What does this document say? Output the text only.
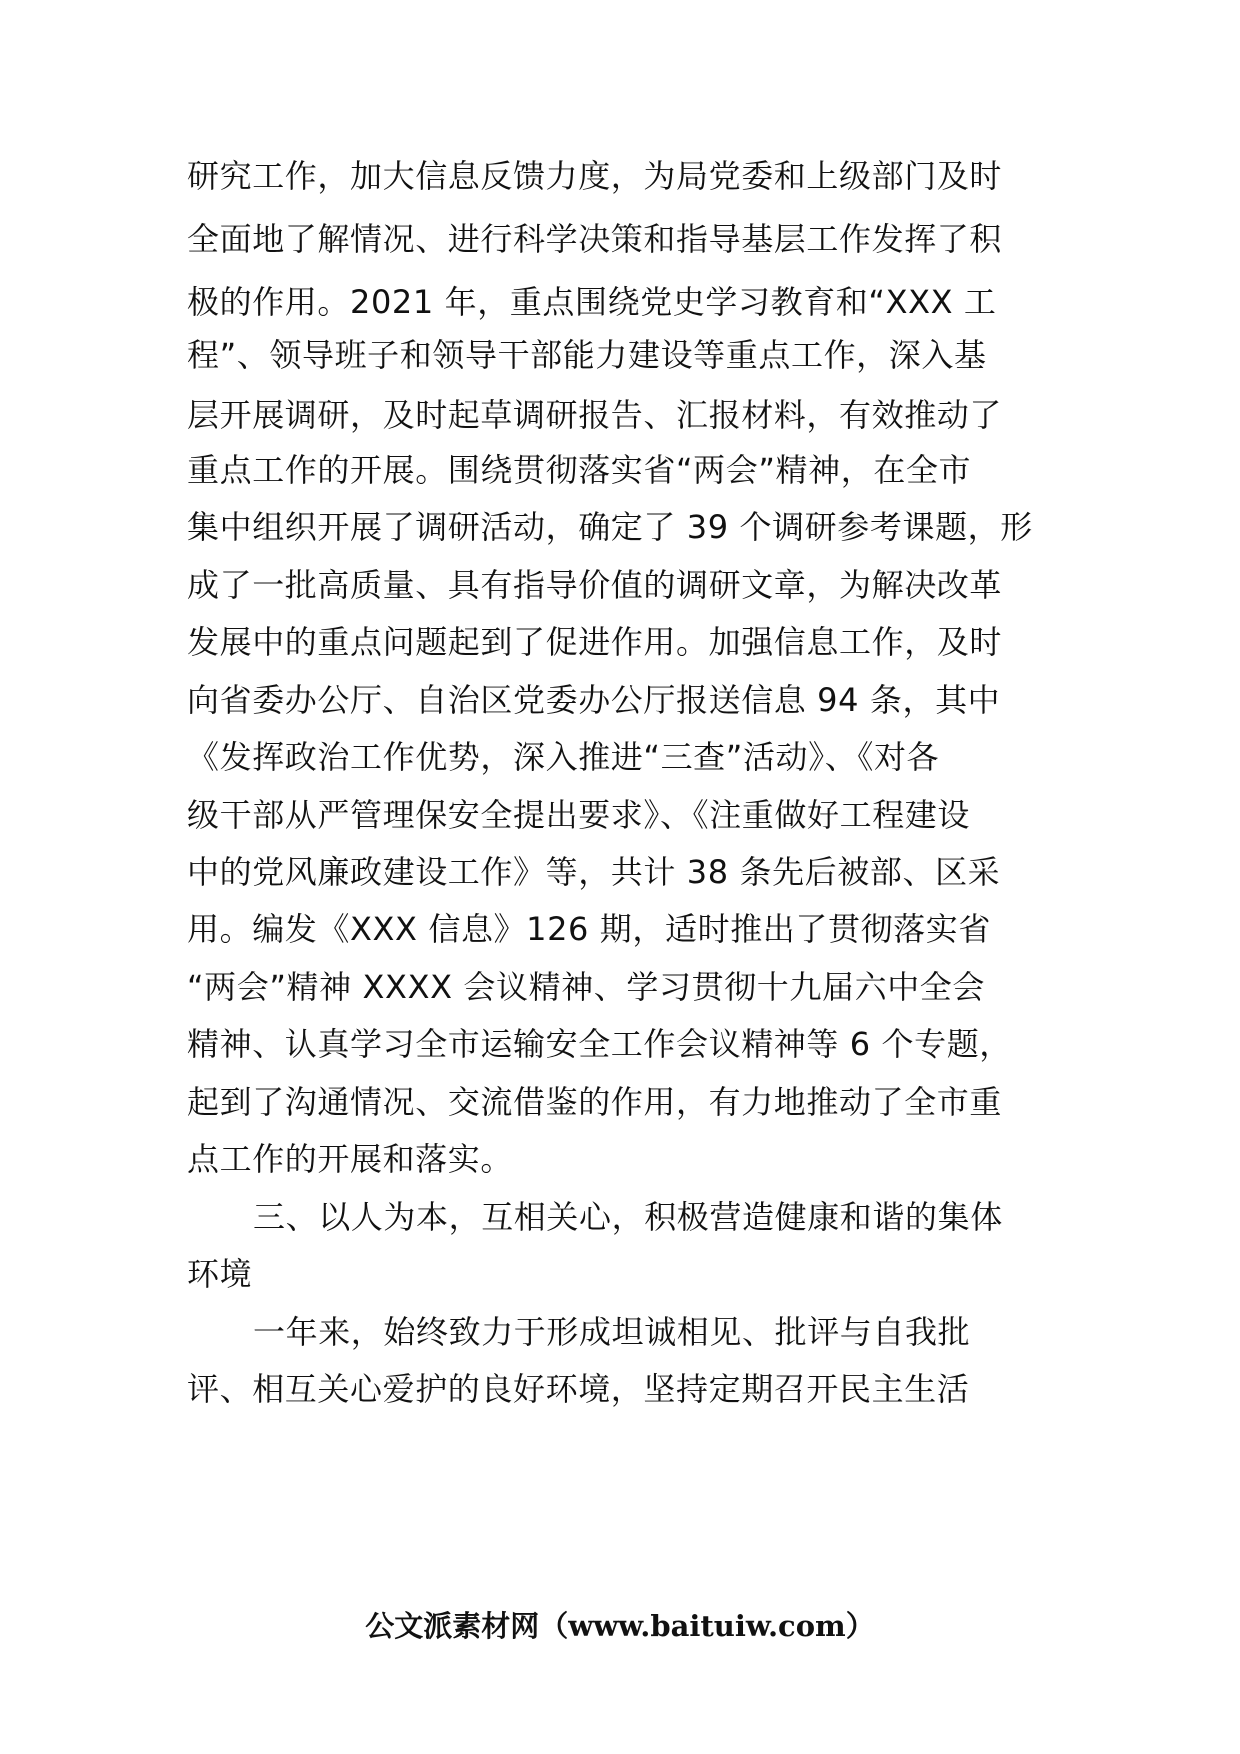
研究工作，加大信息反馈力度，为局党委和上级部门及时
全面地了解情况、进行科学决策和指导基层工作发挥了积
极的作用。2021 年，重点围绕党史学习教育和“XXX 工
程”、领导班子和领导干部能力建设等重点工作，深入基
层开展调研，及时起草调研报告、汇报材料，有效推动了
重点工作的开展。围绕贯彻落实省“两会”精神，在全市
集中组织开展了调研活动，确定了 39 个调研参考课题，形
成了一批高质量、具有指导价值的调研文章，为解决改革
发展中的重点问题起到了促进作用。加强信息工作，及时
向省委办公厅、自治区党委办公厅报送信息 94 条，其中
《发挥政治工作优势，深入推进“三查”活动》、《对各
级干部从严管理保安全提出要求》、《注重做好工程建设
中的党风廉政建设工作》等，共计 38 条先后被部、区采
用。编发《XXX 信息》126 期，适时推出了贯彻落实省
“两会”精神 XXXX 会议精神、学习贯彻十九届六中全会
精神、认真学习全市运输安全工作会议精神等 6 个专题，
起到了沟通情况、交流借鉴的作用，有力地推动了全市重
点工作的开展和落实。
三、以人为本，互相关心，积极营造健康和谐的集体
环境
一年来，始终致力于形成坦诚相见、批评与自我批
评、相互关心爱护的良好环境，坚持定期召开民主生活
公文派素材网（www.baituiw.com）
